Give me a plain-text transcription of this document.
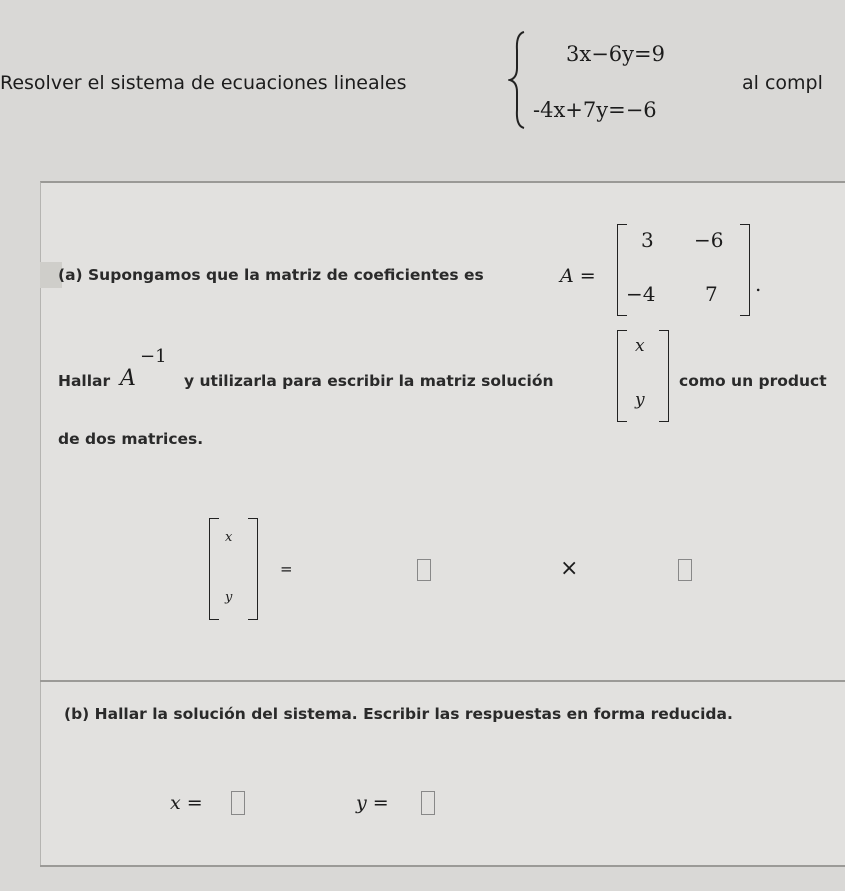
Resolver el sistema de ecuaciones lineales
3x−6y=9
-4x+7y=−6
al compl
(a) Supongamos que la matriz de coeficientes es	A =
3 −6
−4 7 .
Hallar A
−1
y utilizarla para escribir la matriz solución
x
y
como un product
de dos matrices.
x
y
=	×
(b) Hallar la solución del sistema. Escribir las respuestas en forma reducida.
x =	y =
